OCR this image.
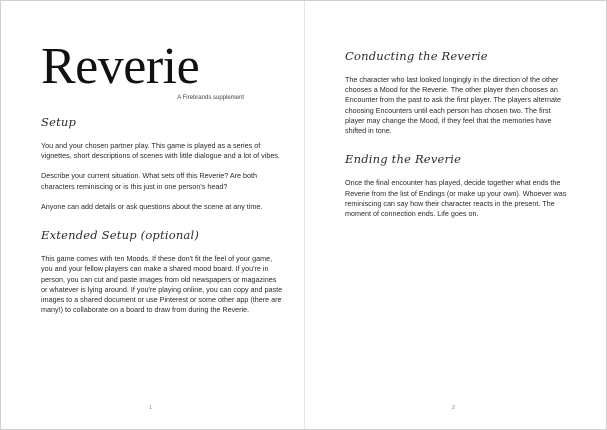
Reverie
A Firebrands supplement
Setup

You and your chosen partner play. This game is played as a series of vignettes, short descriptions of scenes with little dialogue and a lot of vibes.

Describe your current situation. What sets off this Reverie? Are both characters reminiscing or is this just in one person's head?

Anyone can add details or ask questions about the scene at any time.

Extended Setup (optional)

This game comes with ten Moods. If these don't fit the feel of your game, you and your fellow players can make a shared mood board. If you're in person, you can cut and paste images from old newspapers or magazines or whatever is lying around. If you're playing online, you can copy and paste images to a shared document or use Pinterest or some other app (there are many!) to collaborate on a board to draw from during the Reverie.

1
Conducting the Reverie

The character who last looked longingly in the direction of the other chooses a Mood for the Reverie. The other player then chooses an Encounter from the past to ask the first player. The players alternate choosing Encounters until each person has chosen two. The first player may change the Mood, if they feel that the memories have shifted in tone.

Ending the Reverie

Once the final encounter has played, decide together what ends the Reverie from the list of Endings (or make up your own). Whoever was reminiscing can say how their character reacts in the present. The moment of connection ends. Life goes on.

2
